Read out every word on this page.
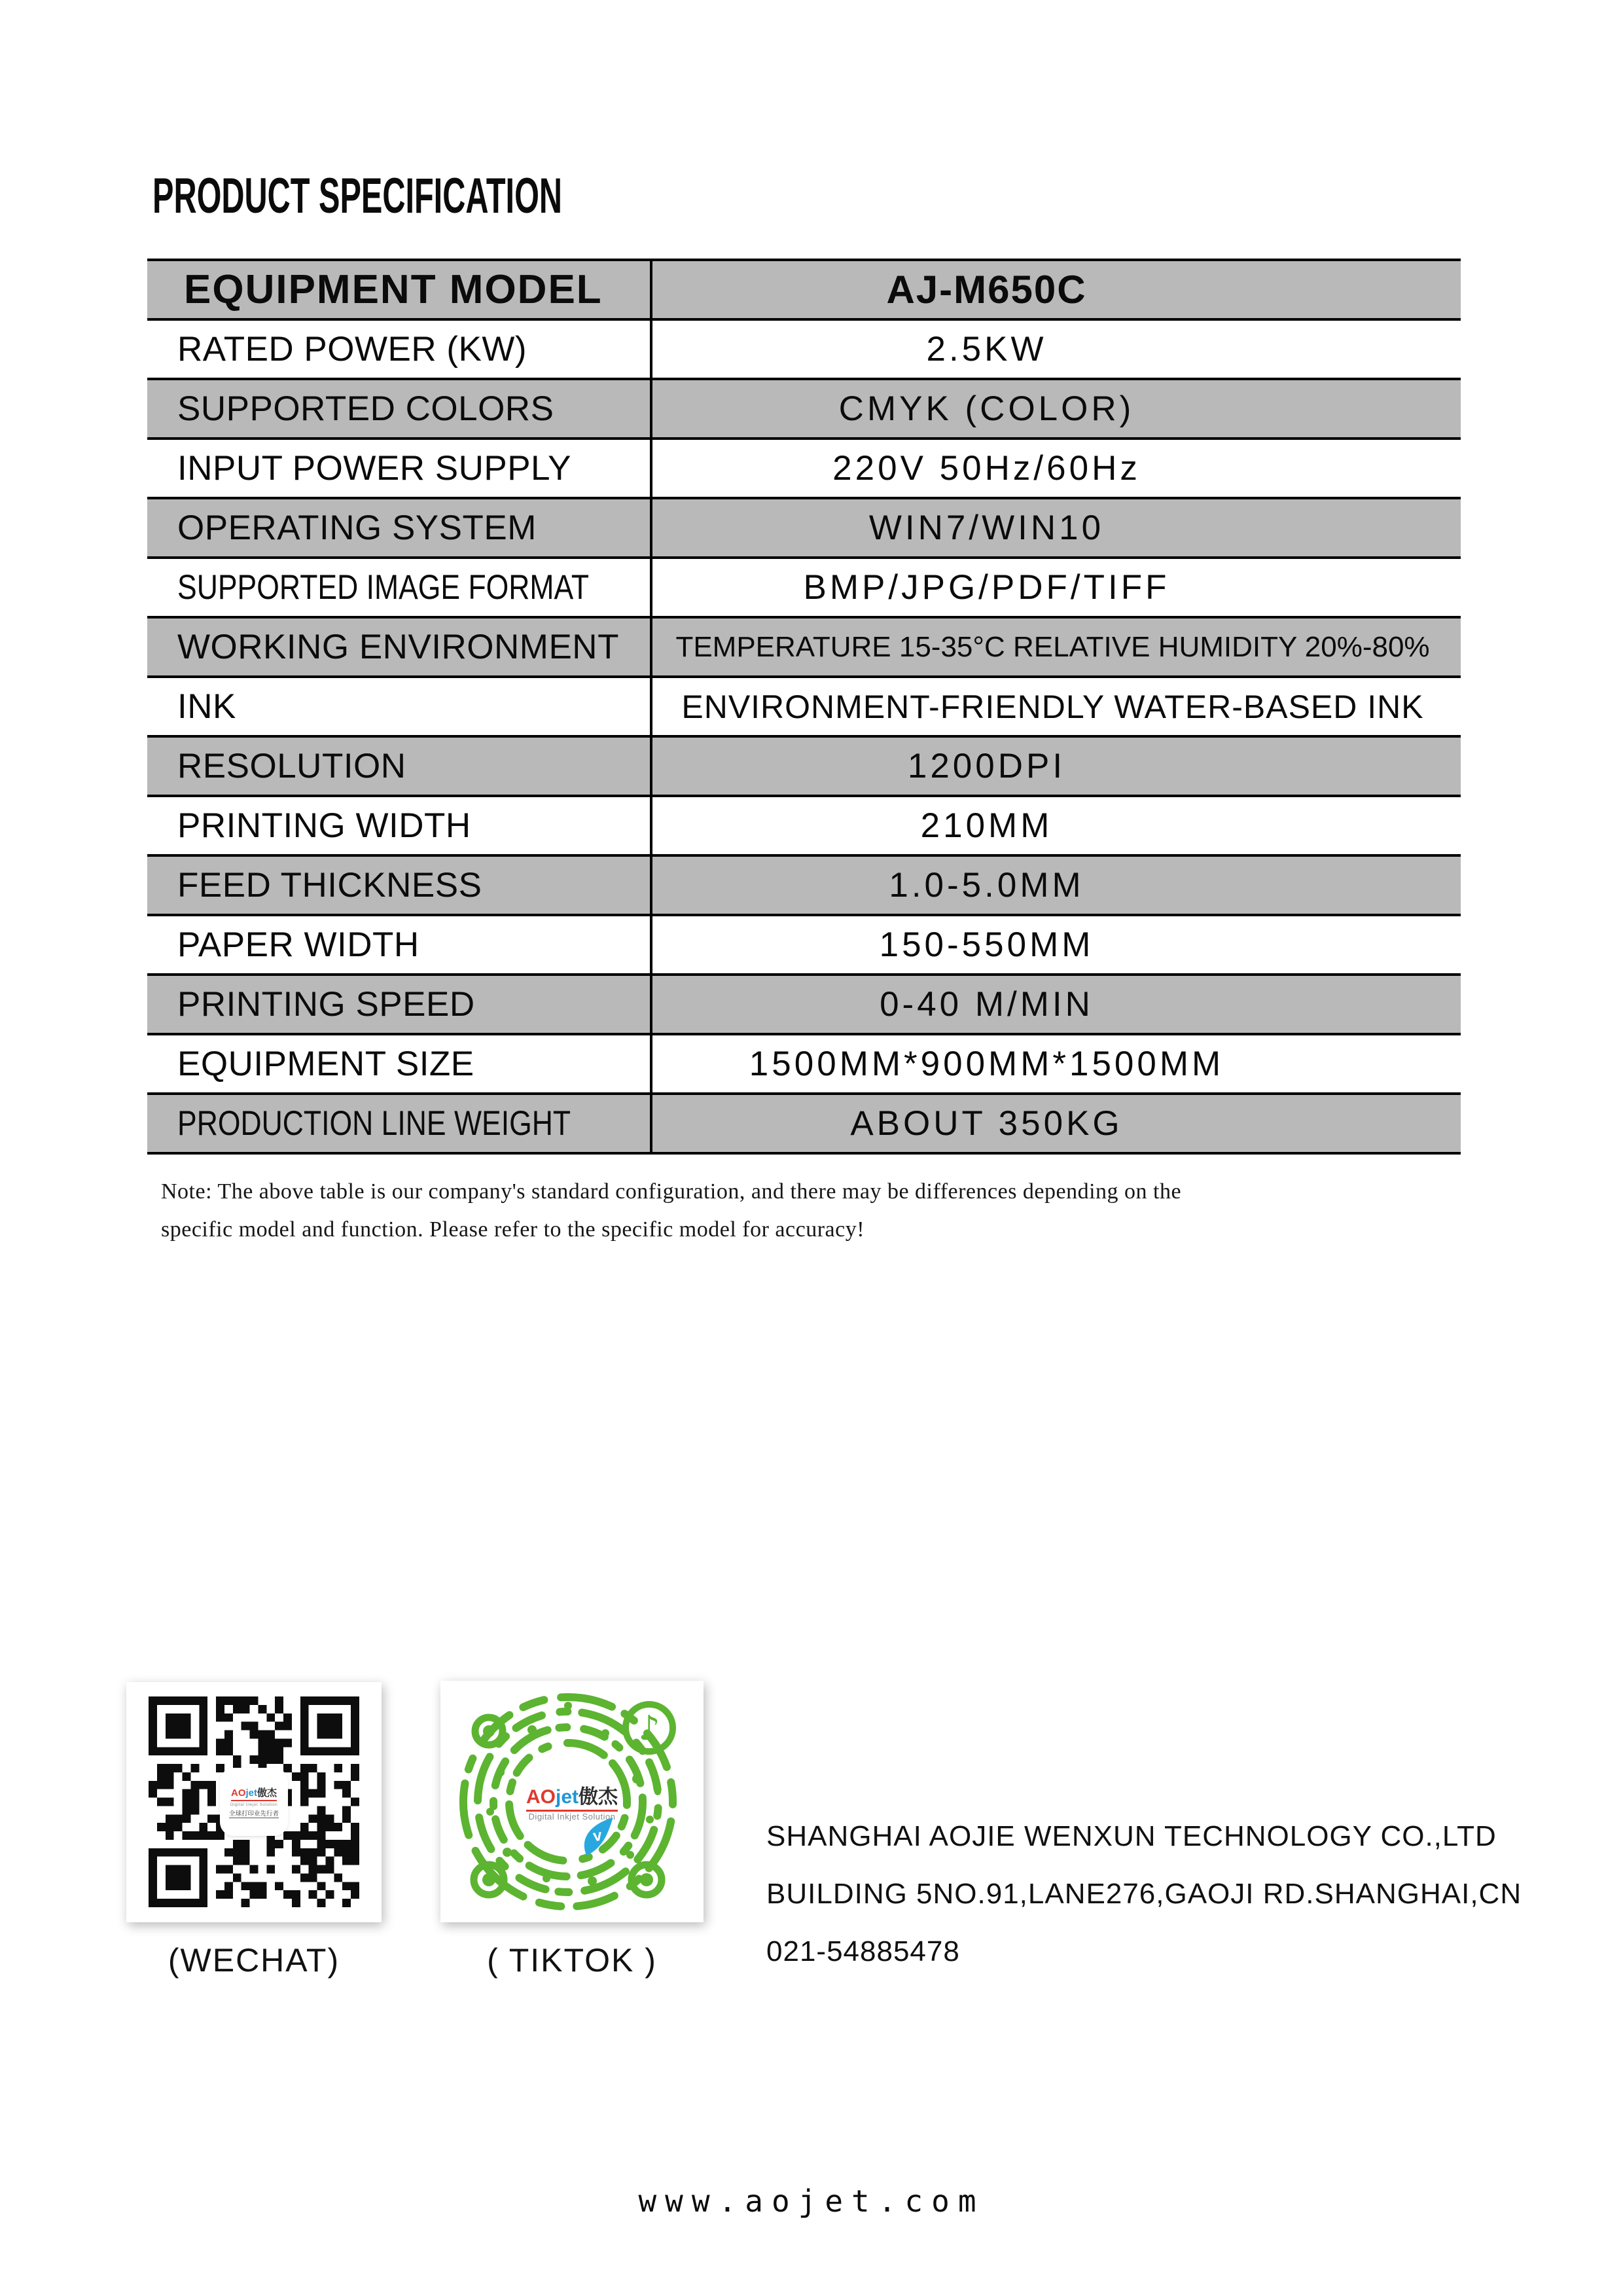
PRODUCT SPECIFICATION
EQUIPMENT MODEL	AJ-M650C
RATED POWER (KW)	2.5KW
SUPPORTED COLORS	CMYK (COLOR)
INPUT POWER SUPPLY	220V 50Hz/60Hz
OPERATING SYSTEM	WIN7/WIN10
SUPPORTED IMAGE FORMAT	BMP/JPG/PDF/TIFF
WORKING ENVIRONMENT	TEMPERATURE 15-35°C RELATIVE HUMIDITY 20%-80%
INK	ENVIRONMENT-FRIENDLY WATER-BASED INK
RESOLUTION	1200DPI
PRINTING WIDTH	210MM
FEED THICKNESS	1.0-5.0MM
PAPER WIDTH	150-550MM
PRINTING SPEED	0-40 M/MIN
EQUIPMENT SIZE	1500MM*900MM*1500MM
PRODUCTION LINE WEIGHT	ABOUT 350KG
Note: The above table is our company's standard configuration, and there may be differences depending on the
specific model and function. Please refer to the specific model for accuracy!
AOjet傲杰
Digital Inkjet Solution
全球打印业先行者
(WECHAT)
♪
AOjet傲杰
Digital Inkjet Solution
v
( TIKTOK )
SHANGHAI AOJIE WENXUN TECHNOLOGY CO.,LTD
BUILDING 5NO.91,LANE276,GAOJI RD.SHANGHAI,CN
021-54885478
www.aojet.com
